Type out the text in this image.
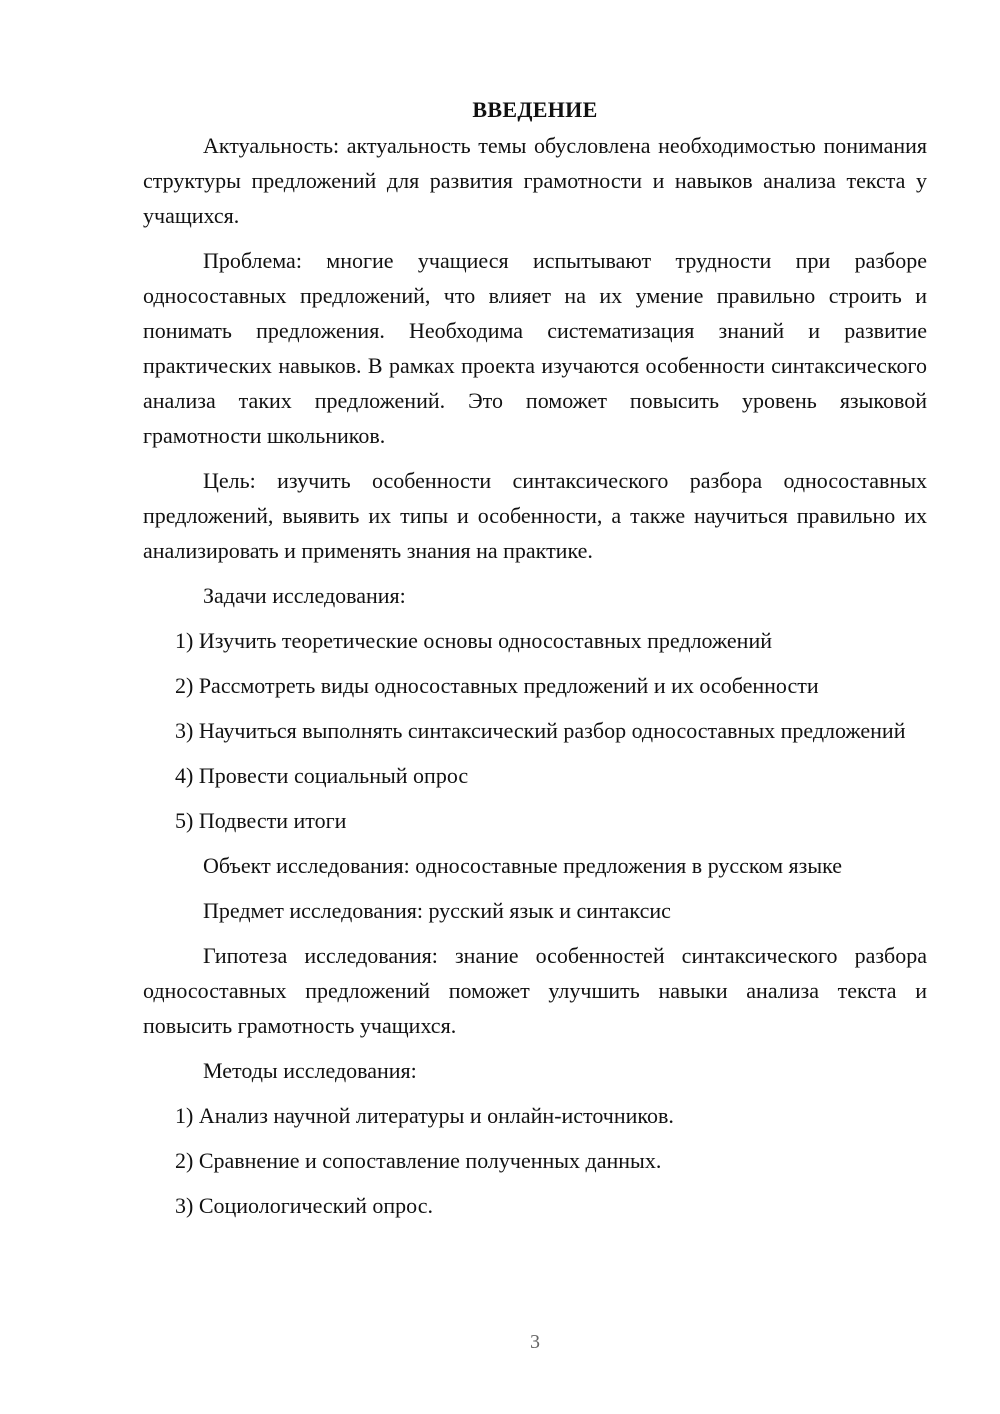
ВВЕДЕНИЕ

Актуальность: актуальность темы обусловлена необходимостью понимания структуры предложений для развития грамотности и навыков анализа текста у учащихся.

Проблема: многие учащиеся испытывают трудности при разборе односоставных предложений, что влияет на их умение правильно строить и понимать предложения. Необходима систематизация знаний и развитие практических навыков. В рамках проекта изучаются особенности синтаксического анализа таких предложений. Это поможет повысить уровень языковой грамотности школьников.

Цель: изучить особенности синтаксического разбора односоставных предложений, выявить их типы и особенности, а также научиться правильно их анализировать и применять знания на практике.

Задачи исследования:
1) Изучить теоретические основы односоставных предложений
2) Рассмотреть виды односоставных предложений и их особенности
3) Научиться выполнять синтаксический разбор односоставных предложений
4) Провести социальный опрос
5) Подвести итоги
Объект исследования: односоставные предложения в русском языке
Предмет исследования: русский язык и синтаксис

Гипотеза исследования: знание особенностей синтаксического разбора односоставных предложений поможет улучшить навыки анализа текста и повысить грамотность учащихся.

Методы исследования:
1) Анализ научной литературы и онлайн-источников.
2) Сравнение и сопоставление полученных данных.
3) Социологический опрос.
3
